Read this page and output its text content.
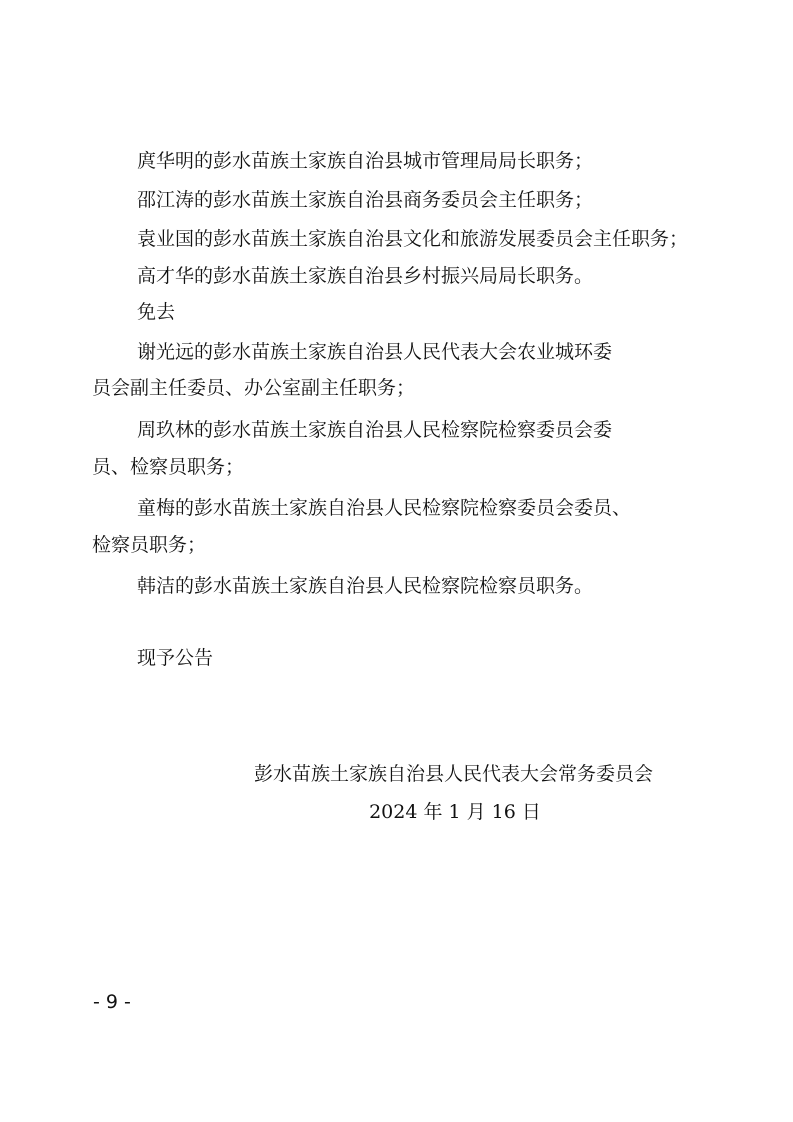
庹华明的彭水苗族土家族自治县城市管理局局长职务；
邵江涛的彭水苗族土家族自治县商务委员会主任职务；
袁业国的彭水苗族土家族自治县文化和旅游发展委员会主任职务；
高才华的彭水苗族土家族自治县乡村振兴局局长职务。
免去
谢光远的彭水苗族土家族自治县人民代表大会农业城环委
员会副主任委员、办公室副主任职务；
周玖林的彭水苗族土家族自治县人民检察院检察委员会委
员、检察员职务；
童梅的彭水苗族土家族自治县人民检察院检察委员会委员、
检察员职务；
韩洁的彭水苗族土家族自治县人民检察院检察员职务。
现予公告
彭水苗族土家族自治县人民代表大会常务委员会
2024 年 1 月 16 日
- 9 -
